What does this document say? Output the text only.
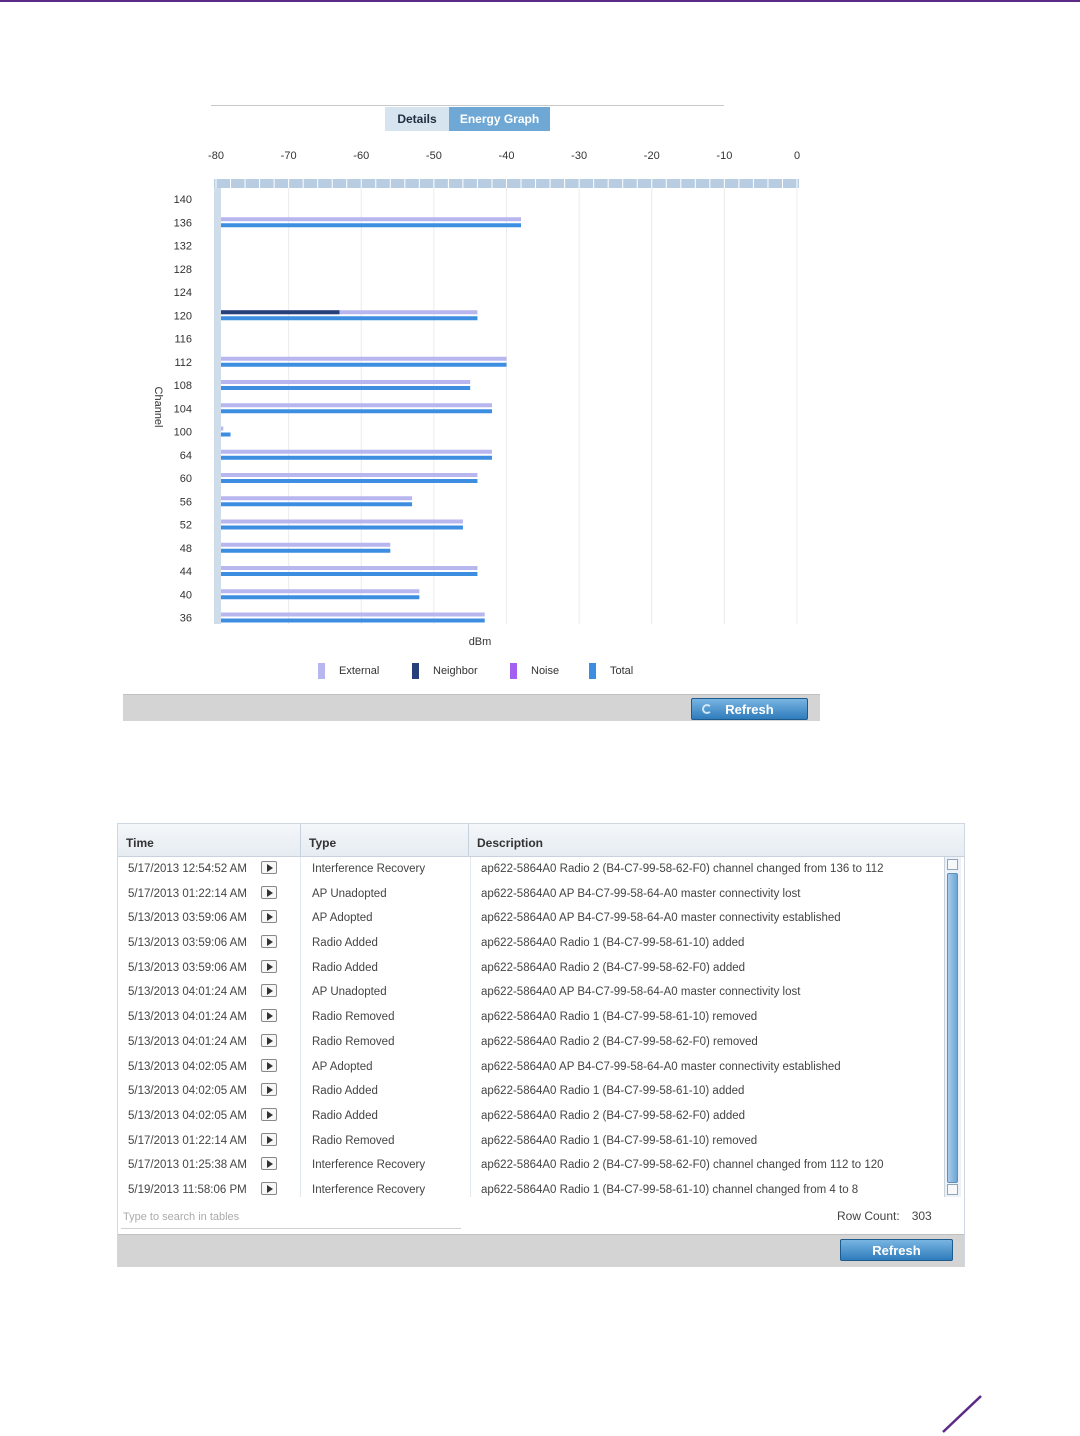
Details	Energy Graph
-80	-70	-60	-50	-40	-30	-20	-10	0
140
136
132
128
124
120
116
112
108
104
100
64
60
56
52
48
44
40
36
dBm
Channel
External	Neighbor	Noise	Total
Refresh
Time	Type	Description
5/17/2013 12:54:52 AM	Interference Recovery	ap622-5864A0 Radio 2 (B4-C7-99-58-62-F0) channel changed from 136 to 112
5/17/2013 01:22:14 AM	AP Unadopted	ap622-5864A0 AP B4-C7-99-58-64-A0 master connectivity lost
5/13/2013 03:59:06 AM	AP Adopted	ap622-5864A0 AP B4-C7-99-58-64-A0 master connectivity established
5/13/2013 03:59:06 AM	Radio Added	ap622-5864A0 Radio 1 (B4-C7-99-58-61-10) added
5/13/2013 03:59:06 AM	Radio Added	ap622-5864A0 Radio 2 (B4-C7-99-58-62-F0) added
5/13/2013 04:01:24 AM	AP Unadopted	ap622-5864A0 AP B4-C7-99-58-64-A0 master connectivity lost
5/13/2013 04:01:24 AM	Radio Removed	ap622-5864A0 Radio 1 (B4-C7-99-58-61-10) removed
5/13/2013 04:01:24 AM	Radio Removed	ap622-5864A0 Radio 2 (B4-C7-99-58-62-F0) removed
5/13/2013 04:02:05 AM	AP Adopted	ap622-5864A0 AP B4-C7-99-58-64-A0 master connectivity established
5/13/2013 04:02:05 AM	Radio Added	ap622-5864A0 Radio 1 (B4-C7-99-58-61-10) added
5/13/2013 04:02:05 AM	Radio Added	ap622-5864A0 Radio 2 (B4-C7-99-58-62-F0) added
5/17/2013 01:22:14 AM	Radio Removed	ap622-5864A0 Radio 1 (B4-C7-99-58-61-10) removed
5/17/2013 01:25:38 AM	Interference Recovery	ap622-5864A0 Radio 2 (B4-C7-99-58-62-F0) channel changed from 112 to 120
5/19/2013 11:58:06 PM	Interference Recovery	ap622-5864A0 Radio 1 (B4-C7-99-58-61-10) channel changed from 4 to 8
Type to search in tables
Row Count: 303
Refresh
